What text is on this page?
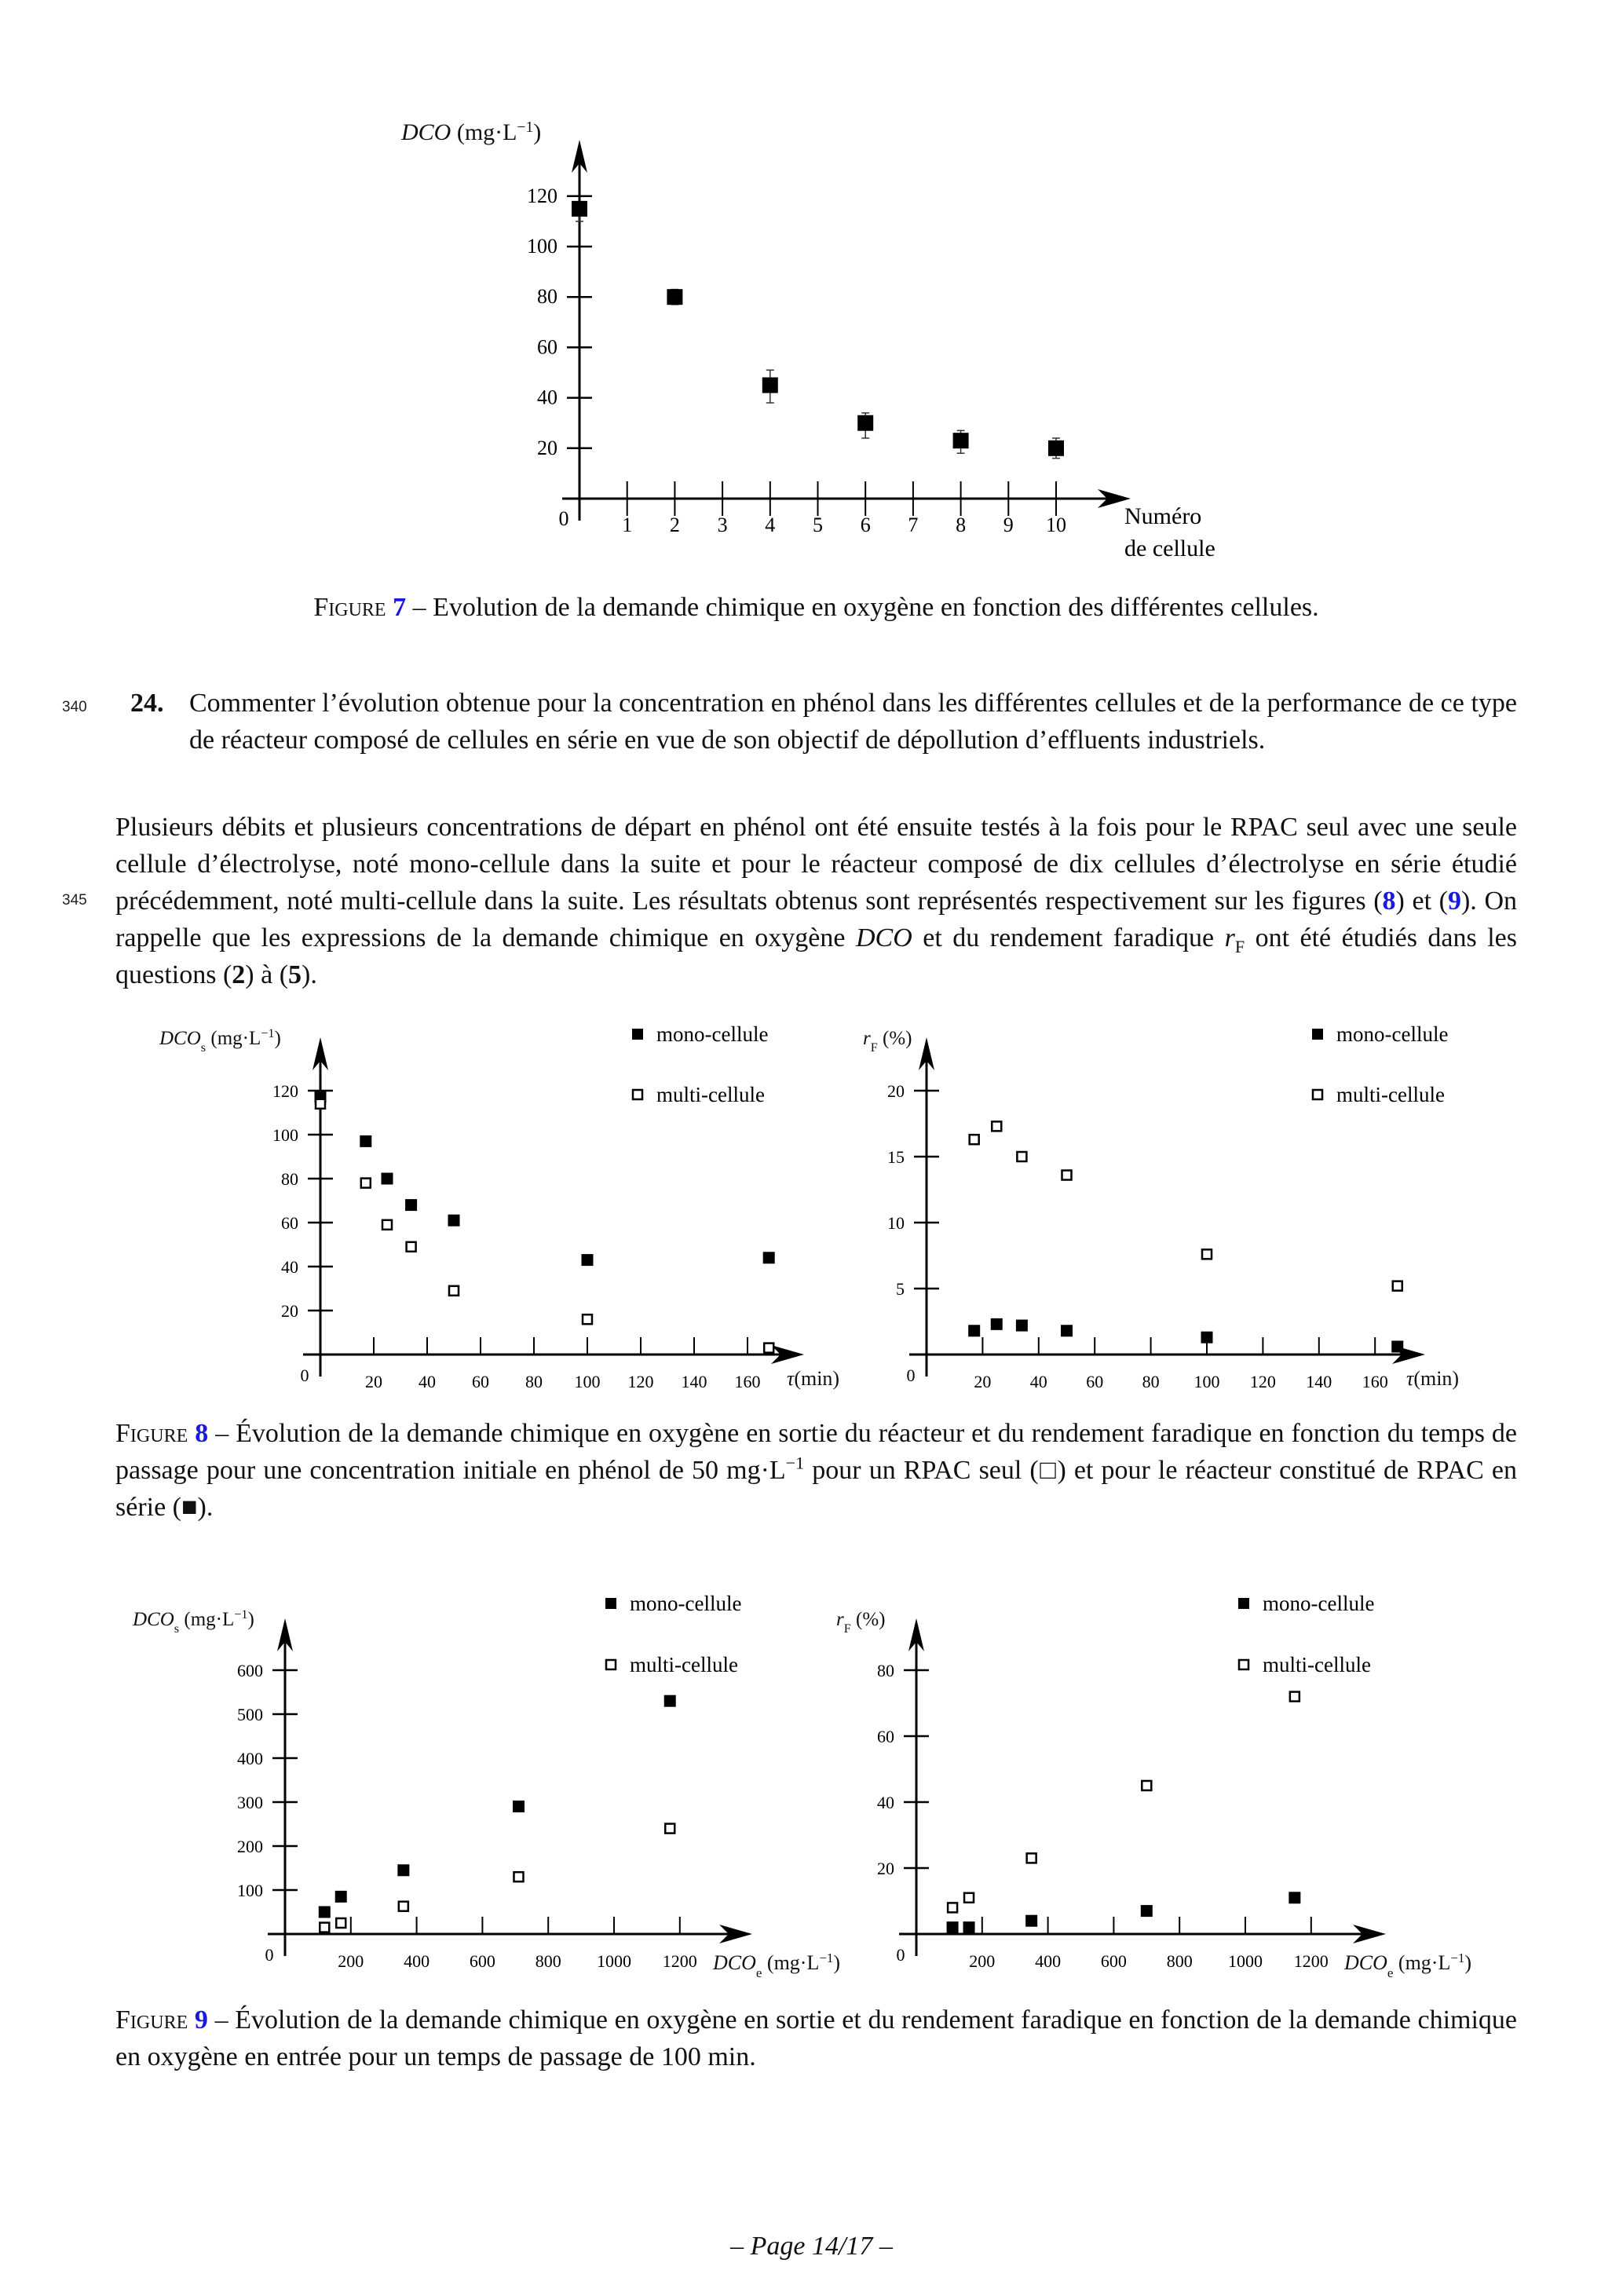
0
20
40
60
80
100
120
1 2 3 4 5 6 7 8 9 10
DCO $(mg\cdot L^{-1})$
Numéro
de cellule
0
20
40
60
80
100
120
20 40 60 80 100 120 140 160
$DCO_s$ $(mg\cdot L^{-1})$
τ(min)
mono-cellule
multi-cellule
0
5
10
15
20
20 40 60 80 100 120 140 160
$r_F$ (%)
τ(min)
mono-cellule
multi-cellule
0
100
200
300
400
500
600
200 400 600 800 1000 1200
$DCO_s$ $(mg\cdot L^{-1})$
$DCO_e$ $(mg\cdot L^{-1})$
mono-cellule
multi-cellule
0
20
40
60
80
200 400 600 800 1000 1200
$r_F$ (%)
$DCO_e$ $(mg\cdot L^{-1})$
mono-cellule
multi-cellule
Figure 7 – Evolution de la demande chimique en oxygène en fonction des différentes cellules.
340 24. Commenter l’évolution obtenue pour la concentration en phénol dans les différentes cellules et de la performance de ce type de réacteur composé de cellules en série en vue de son objectif de dépollution d’effluents industriels.
345
Plusieurs débits et plusieurs concentrations de départ en phénol ont été ensuite testés à la fois pour le RPAC seul avec une seule cellule d’électrolyse, noté mono-cellule dans la suite et pour le réacteur composé de dix cellules d’électrolyse en série étudié précédemment, noté multi-cellule dans la suite. Les résultats obtenus sont représentés respectivement sur les figures (8) et (9). On rappelle que les expressions de la demande chimique en oxygène DCO et du rendement faradique $r_F$ ont été étudiés dans les questions (2) à (5).
Figure 8 – Évolution de la demande chimique en oxygène en sortie du réacteur et du rendement faradique en fonction du temps de passage pour une concentration initiale en phénol de 50 $mg\cdot L^{-1}$ pour un RPAC seul (□) et pour le réacteur constitué de RPAC en série (■).
Figure 9 – Évolution de la demande chimique en oxygène en sortie et du rendement faradique en fonction de la demande chimique en oxygène en entrée pour un temps de passage de 100 min.
– Page 14/17 –
